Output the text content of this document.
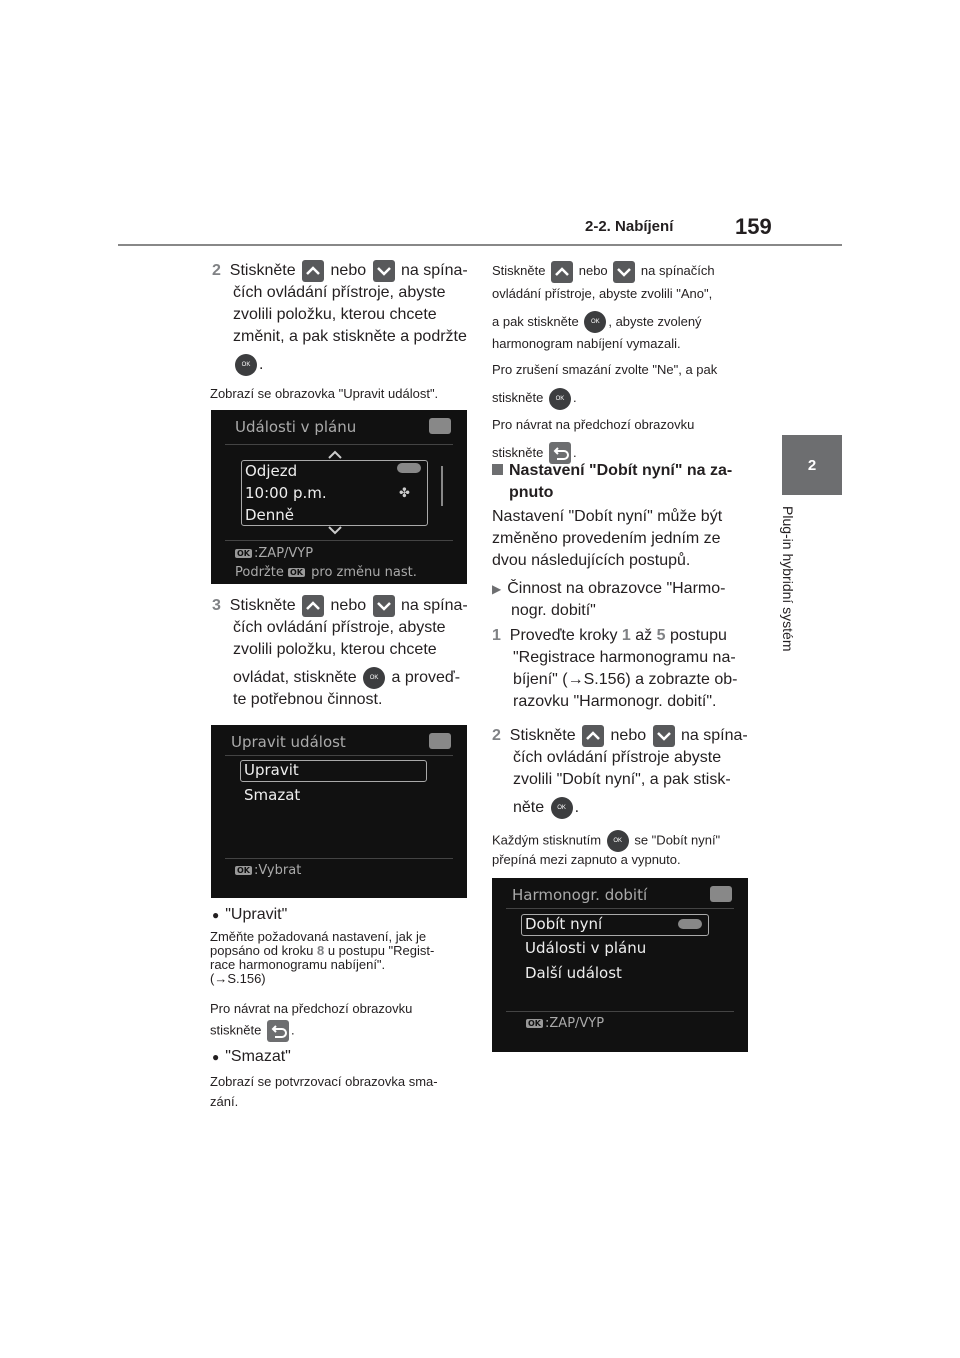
2-2. Nabíjení	159
2
Plug-in hybridní systém
2 Stiskněte nebo na spína-
čích ovládání přístroje, abyste
zvolili položku, kterou chcete
změnit, a pak stiskněte a podržte
OK .
Zobrazí se obrazovka "Upravit událost".
Události v plánu
Odjezd
10:00 p.m.
Denně
✤
OK :ZAP/VYP
Podržte OK pro změnu nast.
3 Stiskněte nebo na spína-
čích ovládání přístroje, abyste
zvolili položku, kterou chcete
ovládat, stiskněte OK a proveď-
te potřebnou činnost.
Upravit událost
Upravit
Smazat
OK :Vybrat
● "Upravit"
Změňte požadovaná nastavení, jak je
popsáno od kroku 8 u postupu "Regist-
race harmonogramu nabíjení".
(→S.156)
Pro návrat na předchozí obrazovku
stiskněte .
● "Smazat"
Zobrazí se potvrzovací obrazovka sma-
zání.
Stiskněte	nebo	na spínačích
ovládání přístroje, abyste zvolili "Ano",
a pak stiskněte OK , abyste zvolený
harmonogram nabíjení vymazali.
Pro zrušení smazání zvolte "Ne", a pak
stiskněte OK .
Pro návrat na předchozí obrazovku
stiskněte .
Nastavení "Dobít nyní" na za-
pnuto
Nastavení "Dobít nyní" může být
změněno provedením jedním ze
dvou následujících postupů.
▶ Činnost na obrazovce "Harmo-
nogr. dobití"
1 Proveďte kroky 1 až 5 postupu
"Registrace harmonogramu na-
bíjení" (→S.156) a zobrazte ob-
razovku "Harmonogr. dobití".
2 Stiskněte nebo na spína-
čích ovládání přístroje abyste
zvolili "Dobít nyní", a pak stisk-
něte OK .
Každým stisknutím OK se "Dobít nyní"
přepíná mezi zapnuto a vypnuto.
Harmonogr. dobití
Dobít nyní
Události v plánu
Další událost
OK :ZAP/VYP
